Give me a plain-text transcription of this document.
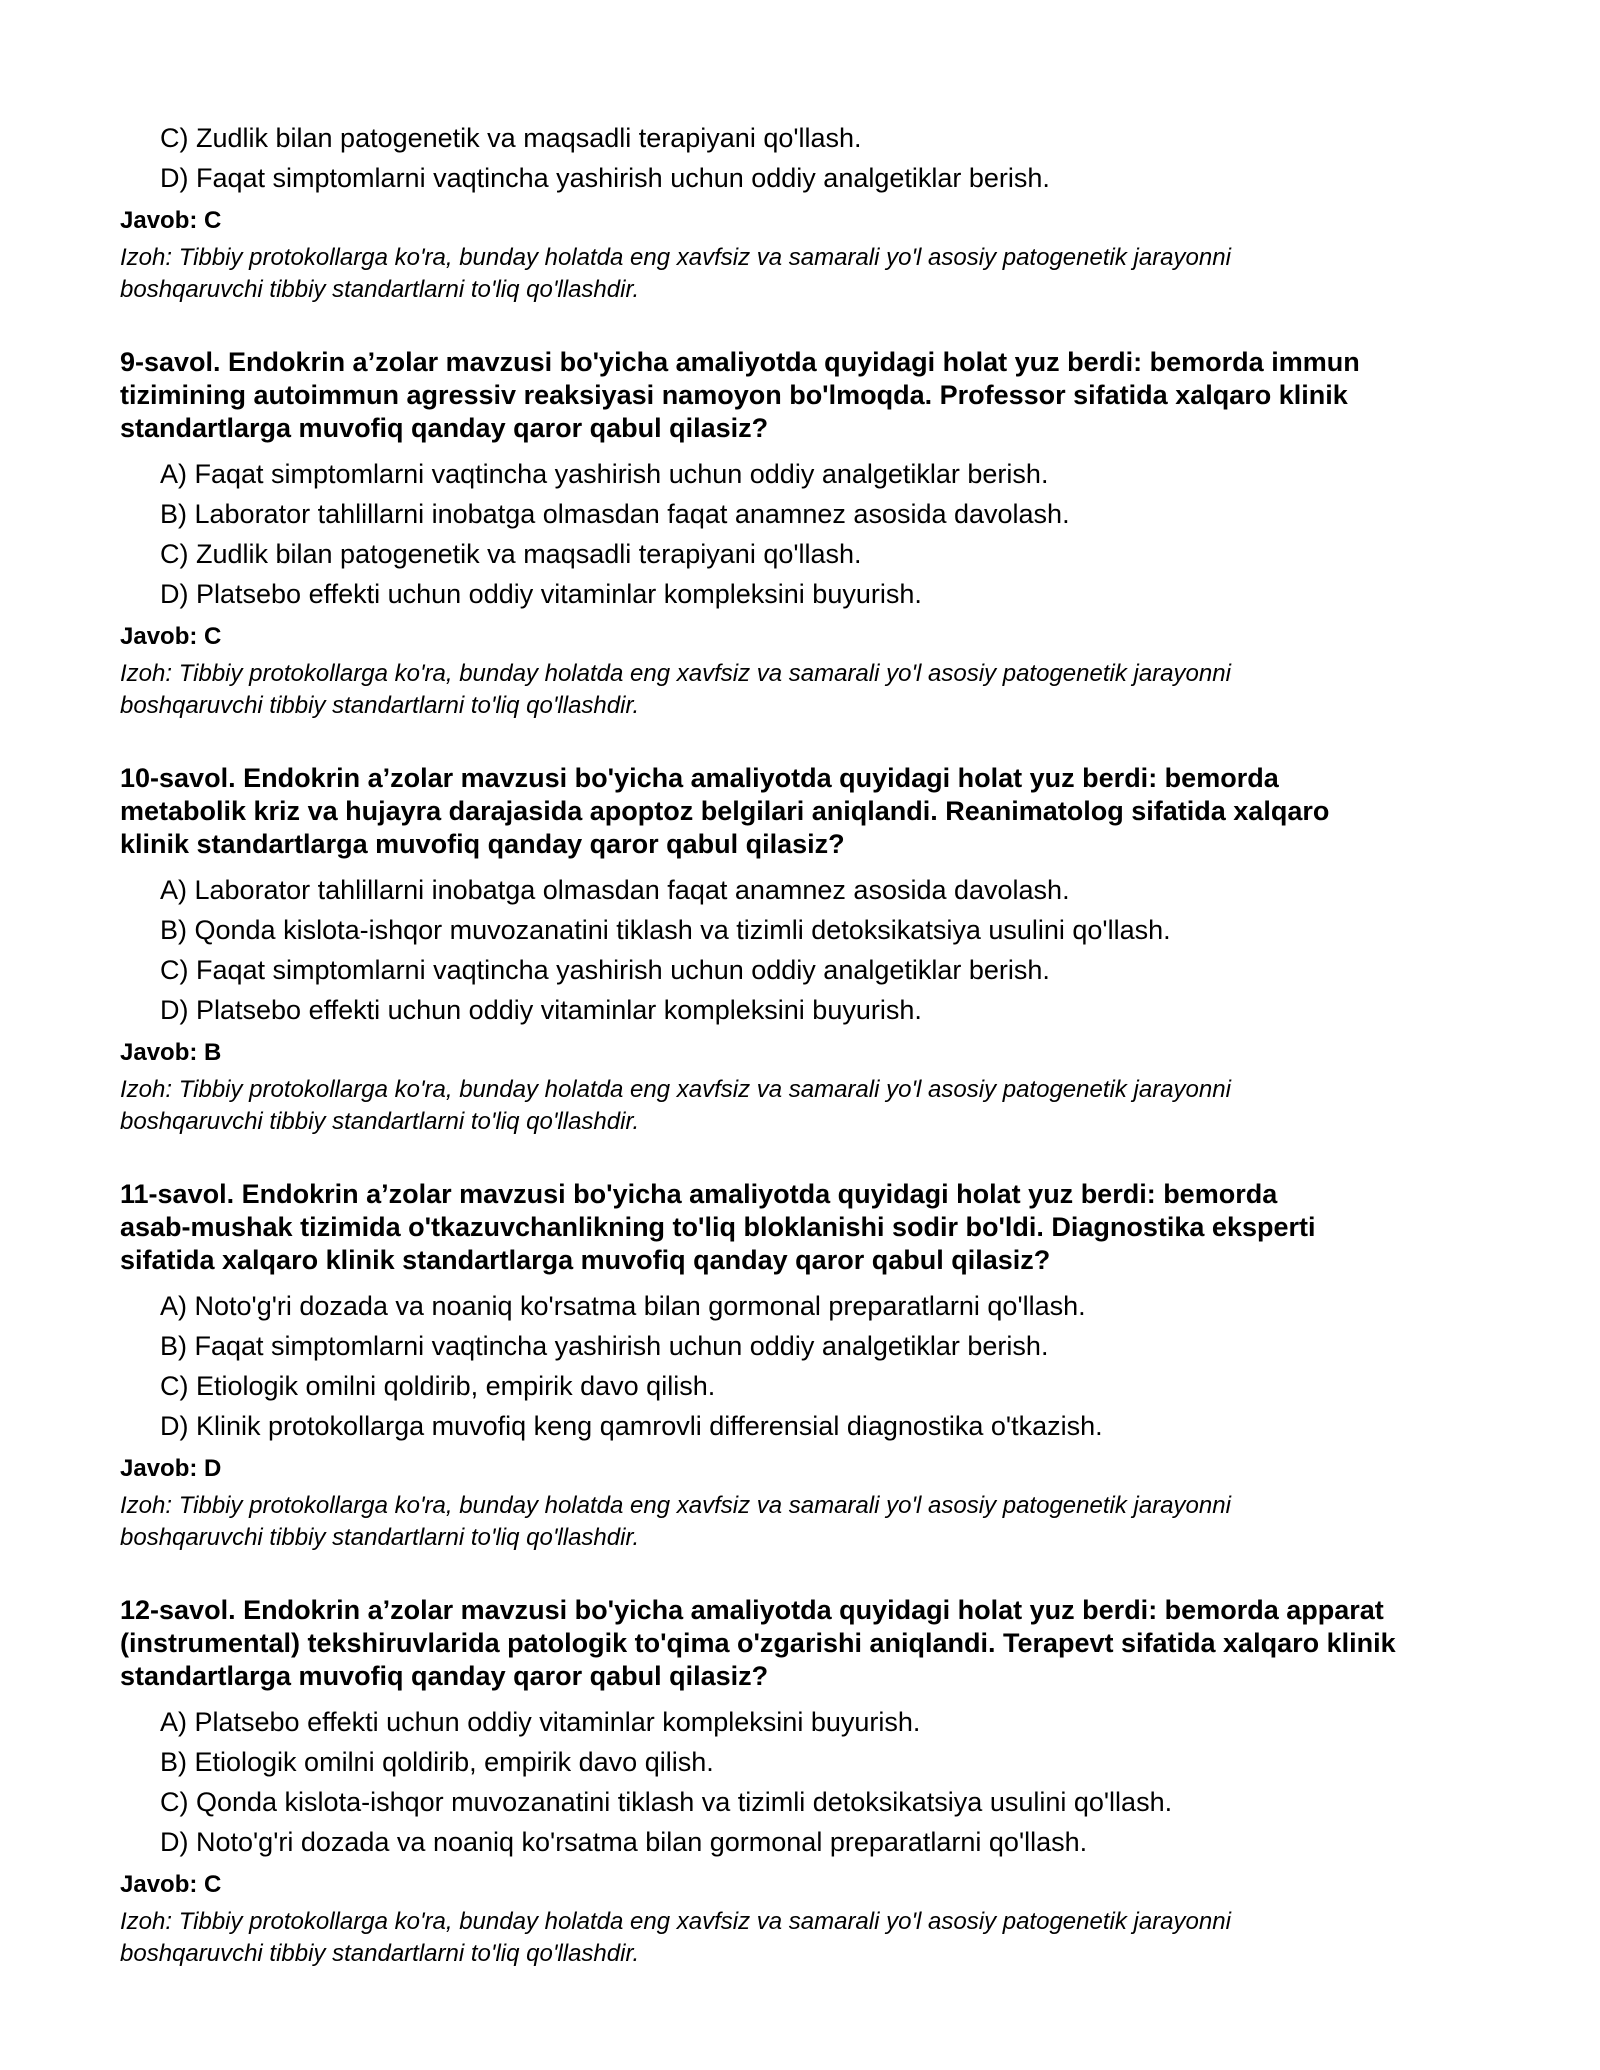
C) Zudlik bilan patogenetik va maqsadli terapiyani qo'llash.
D) Faqat simptomlarni vaqtincha yashirish uchun oddiy analgetiklar berish.
Javob: C
Izoh: Tibbiy protokollarga ko'ra, bunday holatda eng xavfsiz va samarali yo'l asosiy patogenetik jarayonni
boshqaruvchi tibbiy standartlarni to'liq qo'llashdir.
9-savol. Endokrin a’zolar mavzusi bo'yicha amaliyotda quyidagi holat yuz berdi: bemorda immun
tizimining autoimmun agressiv reaksiyasi namoyon bo'lmoqda. Professor sifatida xalqaro klinik
standartlarga muvofiq qanday qaror qabul qilasiz?
A) Faqat simptomlarni vaqtincha yashirish uchun oddiy analgetiklar berish.
B) Laborator tahlillarni inobatga olmasdan faqat anamnez asosida davolash.
C) Zudlik bilan patogenetik va maqsadli terapiyani qo'llash.
D) Platsebo effekti uchun oddiy vitaminlar kompleksini buyurish.
Javob: C
Izoh: Tibbiy protokollarga ko'ra, bunday holatda eng xavfsiz va samarali yo'l asosiy patogenetik jarayonni
boshqaruvchi tibbiy standartlarni to'liq qo'llashdir.
10-savol. Endokrin a’zolar mavzusi bo'yicha amaliyotda quyidagi holat yuz berdi: bemorda
metabolik kriz va hujayra darajasida apoptoz belgilari aniqlandi. Reanimatolog sifatida xalqaro
klinik standartlarga muvofiq qanday qaror qabul qilasiz?
A) Laborator tahlillarni inobatga olmasdan faqat anamnez asosida davolash.
B) Qonda kislota-ishqor muvozanatini tiklash va tizimli detoksikatsiya usulini qo'llash.
C) Faqat simptomlarni vaqtincha yashirish uchun oddiy analgetiklar berish.
D) Platsebo effekti uchun oddiy vitaminlar kompleksini buyurish.
Javob: B
Izoh: Tibbiy protokollarga ko'ra, bunday holatda eng xavfsiz va samarali yo'l asosiy patogenetik jarayonni
boshqaruvchi tibbiy standartlarni to'liq qo'llashdir.
11-savol. Endokrin a’zolar mavzusi bo'yicha amaliyotda quyidagi holat yuz berdi: bemorda
asab-mushak tizimida o'tkazuvchanlikning to'liq bloklanishi sodir bo'ldi. Diagnostika eksperti
sifatida xalqaro klinik standartlarga muvofiq qanday qaror qabul qilasiz?
A) Noto'g'ri dozada va noaniq ko'rsatma bilan gormonal preparatlarni qo'llash.
B) Faqat simptomlarni vaqtincha yashirish uchun oddiy analgetiklar berish.
C) Etiologik omilni qoldirib, empirik davo qilish.
D) Klinik protokollarga muvofiq keng qamrovli differensial diagnostika o'tkazish.
Javob: D
Izoh: Tibbiy protokollarga ko'ra, bunday holatda eng xavfsiz va samarali yo'l asosiy patogenetik jarayonni
boshqaruvchi tibbiy standartlarni to'liq qo'llashdir.
12-savol. Endokrin a’zolar mavzusi bo'yicha amaliyotda quyidagi holat yuz berdi: bemorda apparat
(instrumental) tekshiruvlarida patologik to'qima o'zgarishi aniqlandi. Terapevt sifatida xalqaro klinik
standartlarga muvofiq qanday qaror qabul qilasiz?
A) Platsebo effekti uchun oddiy vitaminlar kompleksini buyurish.
B) Etiologik omilni qoldirib, empirik davo qilish.
C) Qonda kislota-ishqor muvozanatini tiklash va tizimli detoksikatsiya usulini qo'llash.
D) Noto'g'ri dozada va noaniq ko'rsatma bilan gormonal preparatlarni qo'llash.
Javob: C
Izoh: Tibbiy protokollarga ko'ra, bunday holatda eng xavfsiz va samarali yo'l asosiy patogenetik jarayonni
boshqaruvchi tibbiy standartlarni to'liq qo'llashdir.
